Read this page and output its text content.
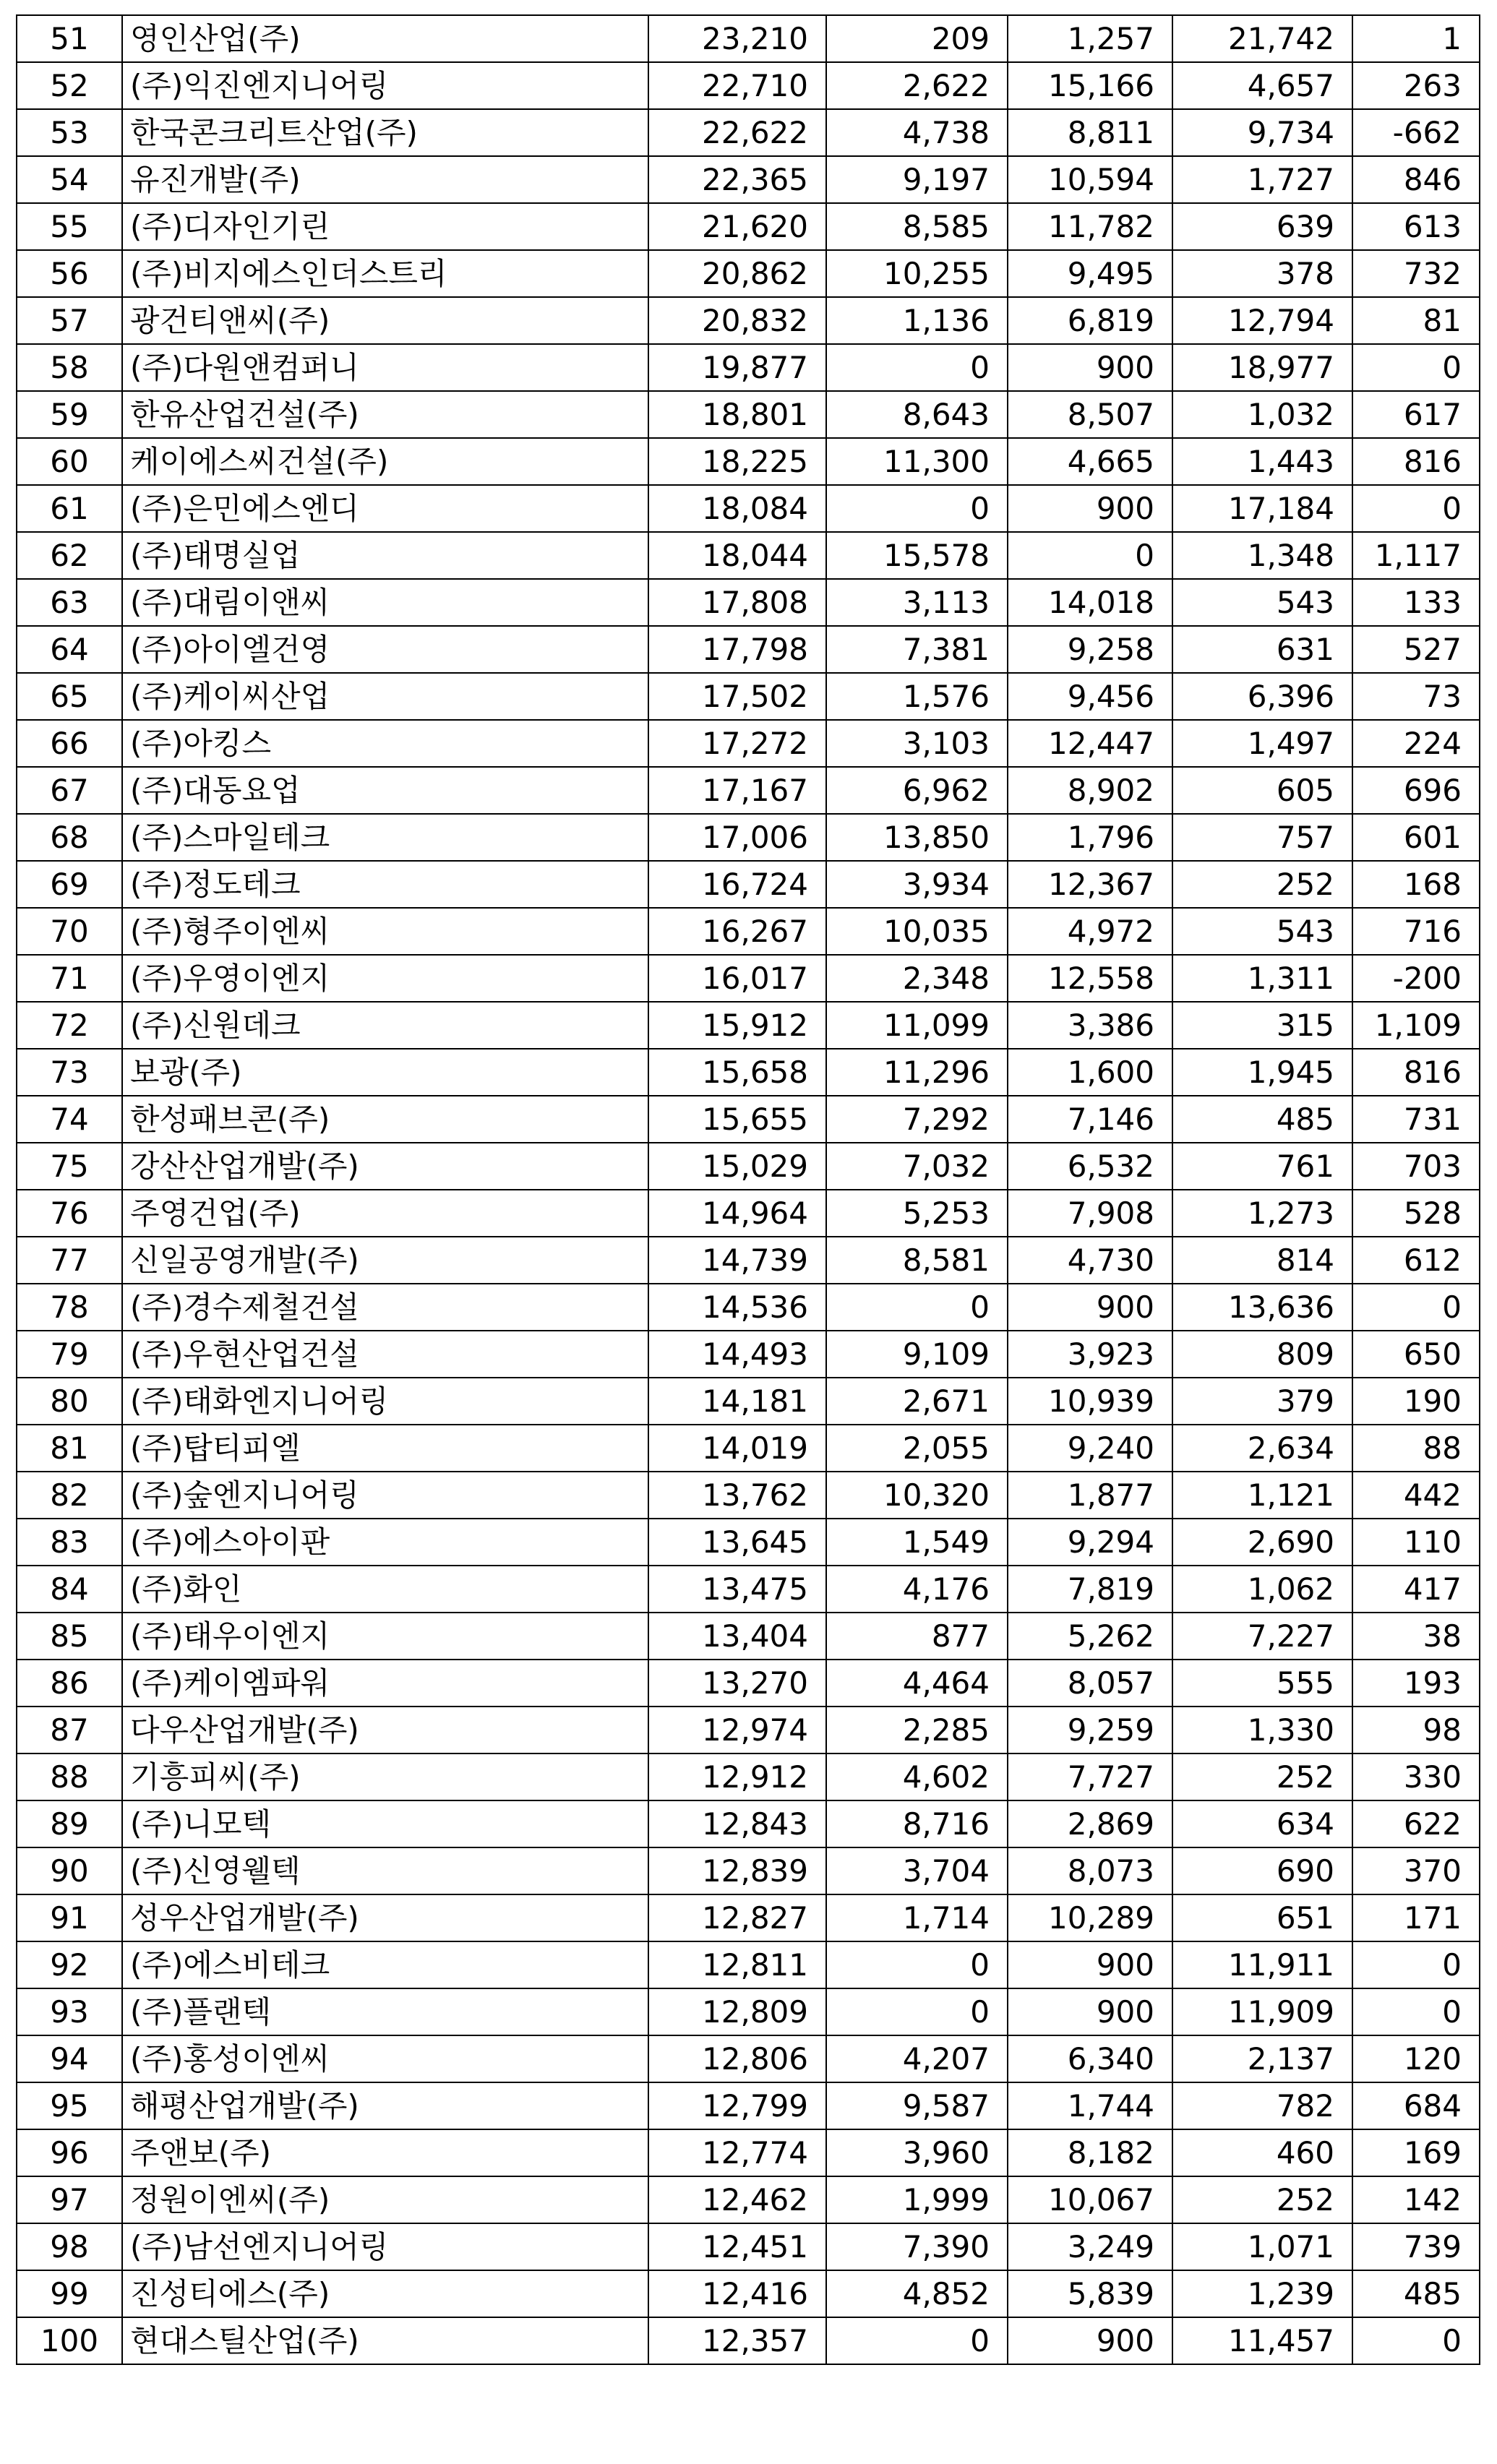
51	영인산업(주)	23,210	209	1,257	21,742	1
52	(주)익진엔지니어링	22,710	2,622	15,166	4,657	263
53	한국콘크리트산업(주)	22,622	4,738	8,811	9,734	-662
54	유진개발(주)	22,365	9,197	10,594	1,727	846
55	(주)디자인기린	21,620	8,585	11,782	639	613
56	(주)비지에스인더스트리	20,862	10,255	9,495	378	732
57	광건티앤씨(주)	20,832	1,136	6,819	12,794	81
58	(주)다원앤컴퍼니	19,877	0	900	18,977	0
59	한유산업건설(주)	18,801	8,643	8,507	1,032	617
60	케이에스씨건설(주)	18,225	11,300	4,665	1,443	816
61	(주)은민에스엔디	18,084	0	900	17,184	0
62	(주)태명실업	18,044	15,578	0	1,348	1,117
63	(주)대림이앤씨	17,808	3,113	14,018	543	133
64	(주)아이엘건영	17,798	7,381	9,258	631	527
65	(주)케이씨산업	17,502	1,576	9,456	6,396	73
66	(주)아킹스	17,272	3,103	12,447	1,497	224
67	(주)대동요업	17,167	6,962	8,902	605	696
68	(주)스마일테크	17,006	13,850	1,796	757	601
69	(주)정도테크	16,724	3,934	12,367	252	168
70	(주)형주이엔씨	16,267	10,035	4,972	543	716
71	(주)우영이엔지	16,017	2,348	12,558	1,311	-200
72	(주)신원데크	15,912	11,099	3,386	315	1,109
73	보광(주)	15,658	11,296	1,600	1,945	816
74	한성패브콘(주)	15,655	7,292	7,146	485	731
75	강산산업개발(주)	15,029	7,032	6,532	761	703
76	주영건업(주)	14,964	5,253	7,908	1,273	528
77	신일공영개발(주)	14,739	8,581	4,730	814	612
78	(주)경수제철건설	14,536	0	900	13,636	0
79	(주)우현산업건설	14,493	9,109	3,923	809	650
80	(주)태화엔지니어링	14,181	2,671	10,939	379	190
81	(주)탑티피엘	14,019	2,055	9,240	2,634	88
82	(주)숲엔지니어링	13,762	10,320	1,877	1,121	442
83	(주)에스아이판	13,645	1,549	9,294	2,690	110
84	(주)화인	13,475	4,176	7,819	1,062	417
85	(주)태우이엔지	13,404	877	5,262	7,227	38
86	(주)케이엠파워	13,270	4,464	8,057	555	193
87	다우산업개발(주)	12,974	2,285	9,259	1,330	98
88	기흥피씨(주)	12,912	4,602	7,727	252	330
89	(주)니모텍	12,843	8,716	2,869	634	622
90	(주)신영웰텍	12,839	3,704	8,073	690	370
91	성우산업개발(주)	12,827	1,714	10,289	651	171
92	(주)에스비테크	12,811	0	900	11,911	0
93	(주)플랜텍	12,809	0	900	11,909	0
94	(주)홍성이엔씨	12,806	4,207	6,340	2,137	120
95	해평산업개발(주)	12,799	9,587	1,744	782	684
96	주앤보(주)	12,774	3,960	8,182	460	169
97	정원이엔씨(주)	12,462	1,999	10,067	252	142
98	(주)남선엔지니어링	12,451	7,390	3,249	1,071	739
99	진성티에스(주)	12,416	4,852	5,839	1,239	485
100	현대스틸산업(주)	12,357	0	900	11,457	0
